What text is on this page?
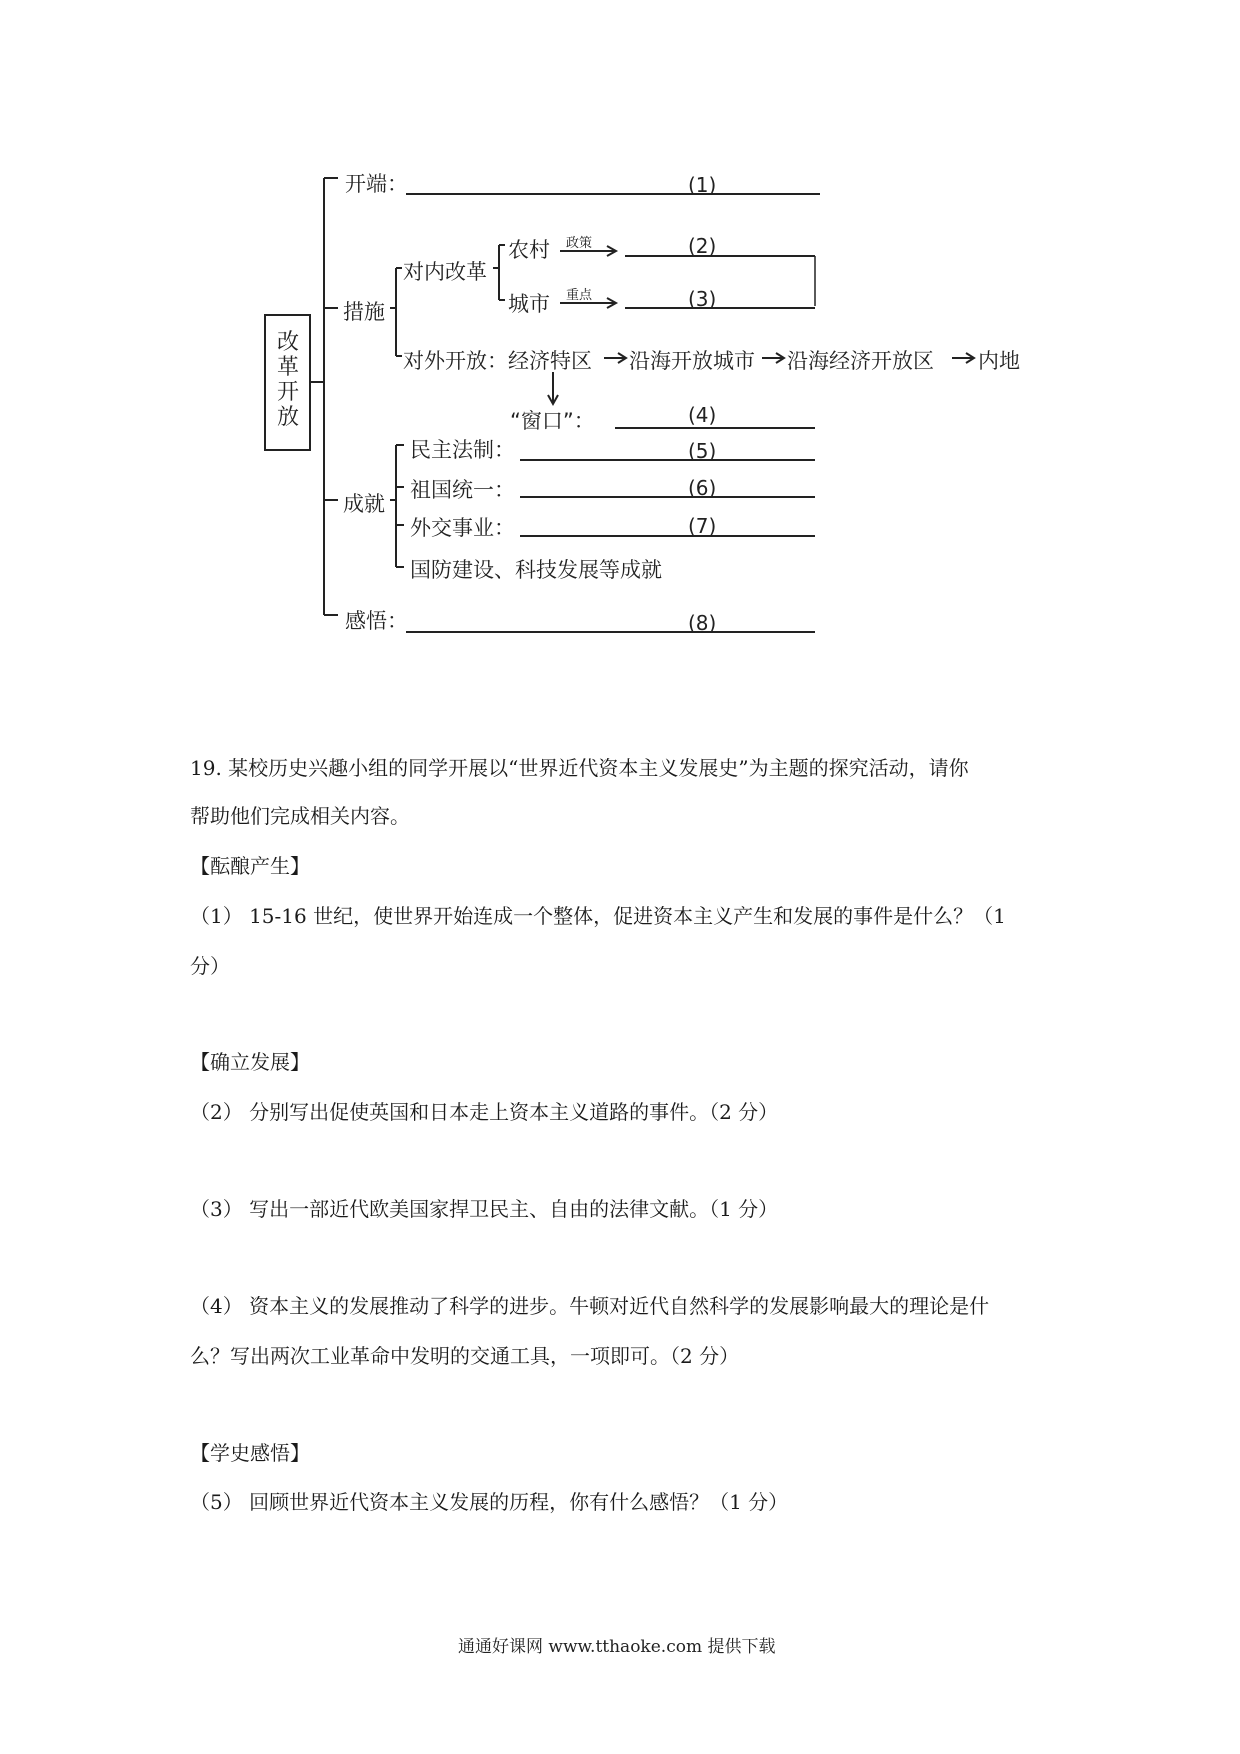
改革开放
开端：	(1)
措施
对内改革
农村 政策	(2)
城市 重点	(3)
对外开放：经济特区 沿海开放城市 沿海经济开放区 内地
“窗口”：	(4)
成就
民主法制：	(5)
祖国统一：	(6)
外交事业：	(7)
国防建设、科技发展等成就
感悟：	(8)
19. 某校历史兴趣小组的同学开展以“世界近代资本主义发展史”为主题的探究活动，请你
帮助他们完成相关内容。
【酝酿产生】
（1） 15-16 世纪，使世界开始连成一个整体，促进资本主义产生和发展的事件是什么？（1
分）
【确立发展】
（2） 分别写出促使英国和日本走上资本主义道路的事件。（2 分）
（3） 写出一部近代欧美国家捍卫民主、自由的法律文献。（1 分）
（4） 资本主义的发展推动了科学的进步。牛顿对近代自然科学的发展影响最大的理论是什
么？写出两次工业革命中发明的交通工具，一项即可。（2 分）
【学史感悟】
（5） 回顾世界近代资本主义发展的历程，你有什么感悟？（1 分）
通通好课网 www.tthaoke.com 提供下载
